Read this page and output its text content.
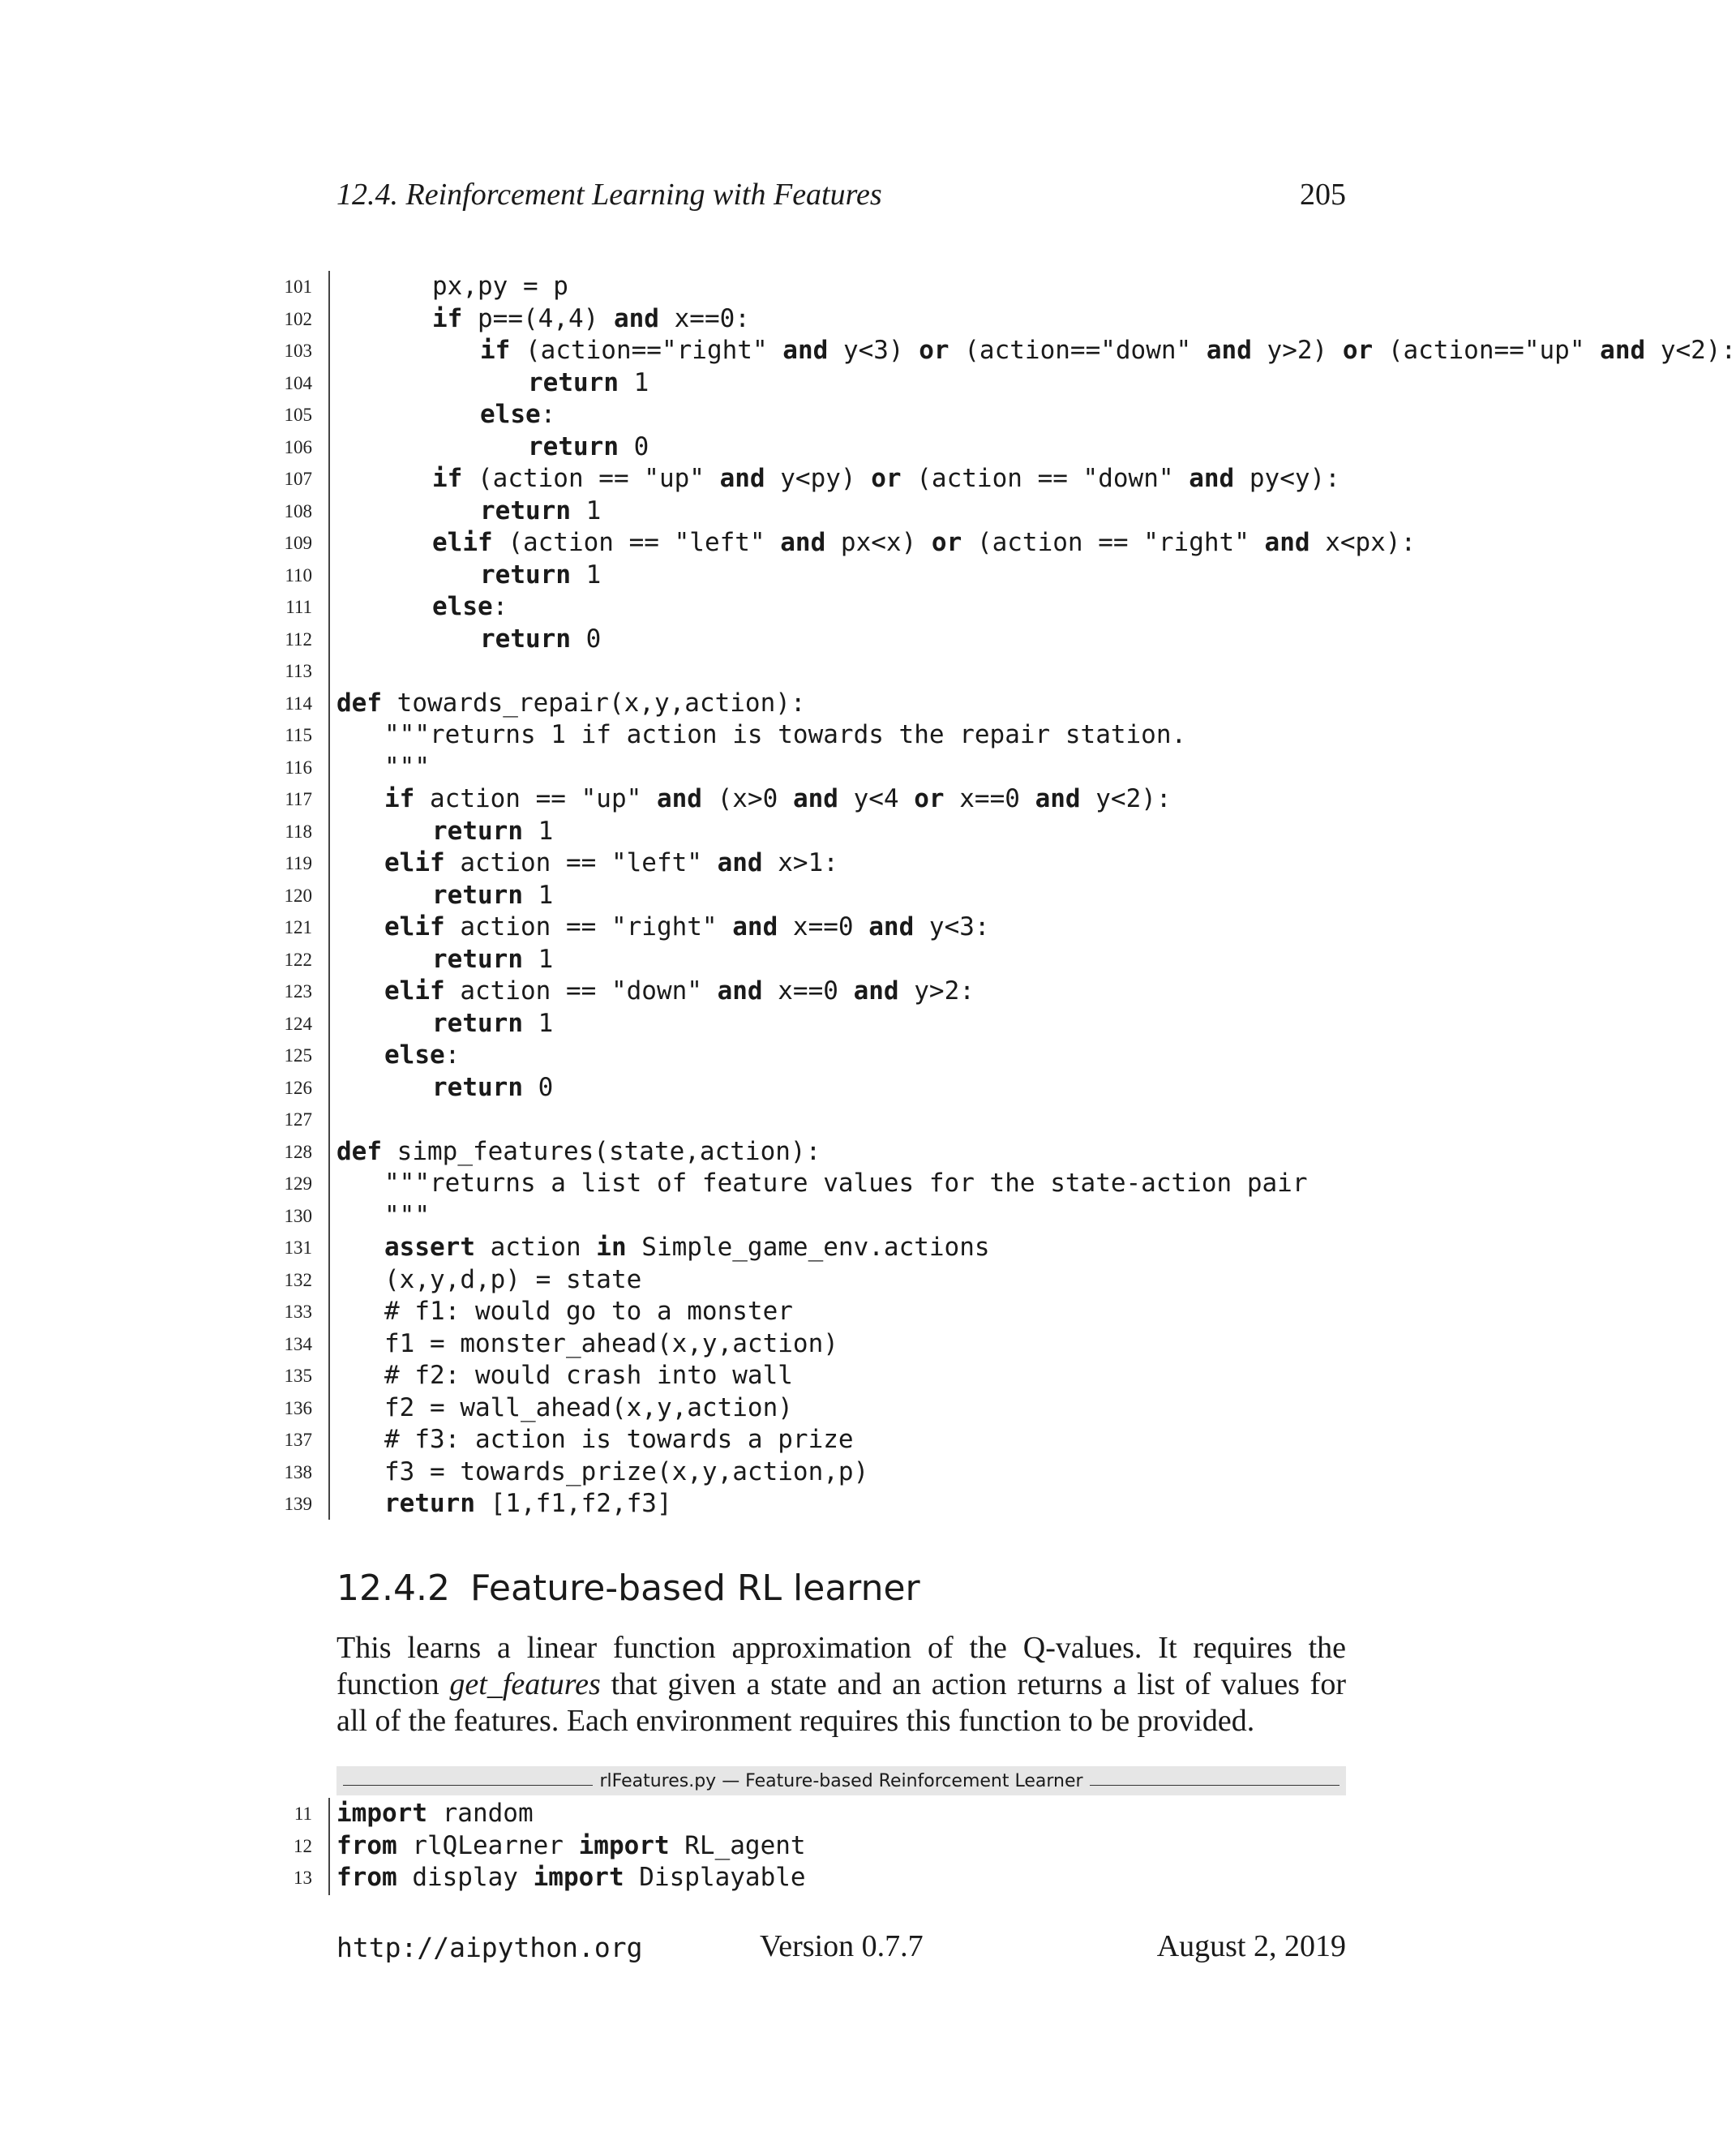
12.4. Reinforcement Learning with Features	205
101	px,py = p
102	if p==(4,4) and x==0:
103	if (action=="right" and y<3) or (action=="down" and y>2) or (action=="up" and y<2):
104	return 1
105	else:
106	return 0
107	if (action == "up" and y<py) or (action == "down" and py<y):
108	return 1
109	elif (action == "left" and px<x) or (action == "right" and x<px):
110	return 1
111	else:
112	return 0
113
114 def towards_repair(x,y,action):
115	"""returns 1 if action is towards the repair station.
116	"""
117	if action == "up" and (x>0 and y<4 or x==0 and y<2):
118	return 1
119	elif action == "left" and x>1:
120	return 1
121	elif action == "right" and x==0 and y<3:
122	return 1
123	elif action == "down" and x==0 and y>2:
124	return 1
125	else:
126	return 0
127
128 def simp_features(state,action):
129	"""returns a list of feature values for the state-action pair
130	"""
131	assert action in Simple_game_env.actions
132	(x,y,d,p) = state
133	# f1: would go to a monster
134	f1 = monster_ahead(x,y,action)
135	# f2: would crash into wall
136	f2 = wall_ahead(x,y,action)
137	# f3: action is towards a prize
138	f3 = towards_prize(x,y,action,p)
139	return [1,f1,f2,f3]
12.4.2 Feature-based RL learner
This learns a linear function approximation of the Q-values. It requires the function get_features that given a state and an action returns a list of values for all of the features. Each environment requires this function to be provided.
rlFeatures.py — Feature-based Reinforcement Learner
11 import random
12 from rlQLearner import RL_agent
13 from display import Displayable
http://aipython.org	Version 0.7.7	August 2, 2019
